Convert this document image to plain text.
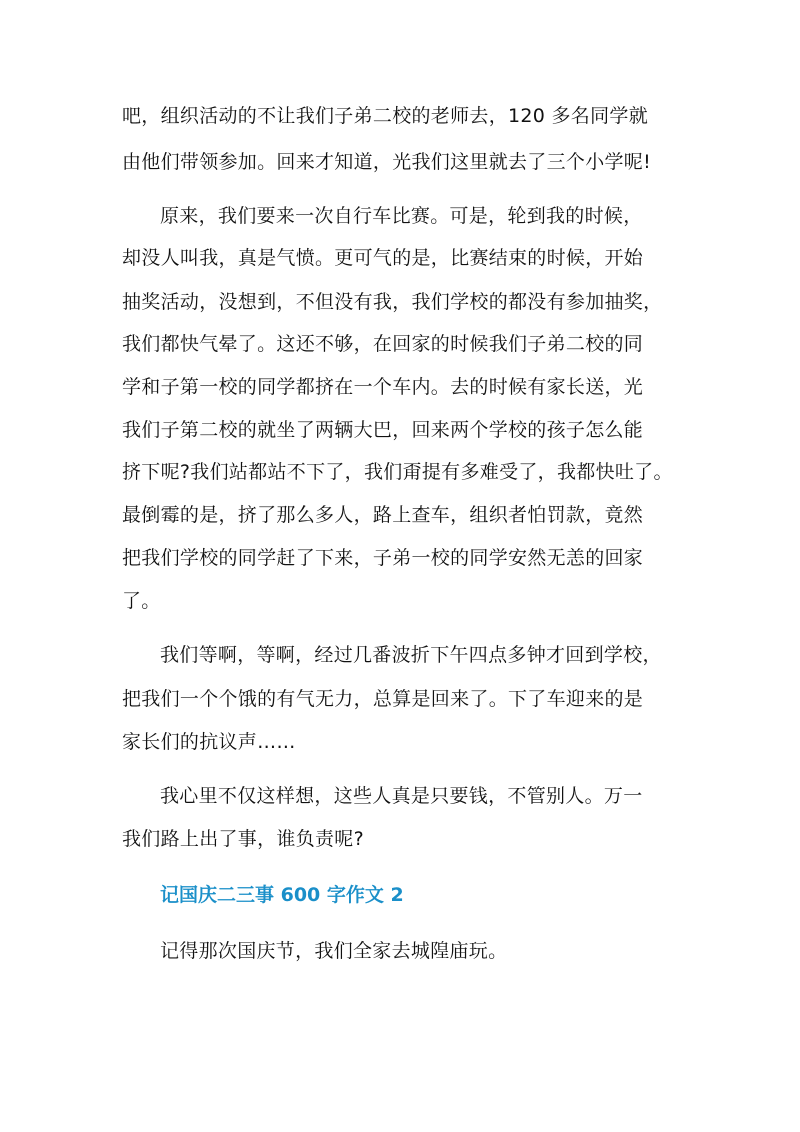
吧，组织活动的不让我们子弟二校的老师去，120 多名同学就
由他们带领参加。回来才知道，光我们这里就去了三个小学呢!
原来，我们要来一次自行车比赛。可是，轮到我的时候，
却没人叫我，真是气愤。更可气的是，比赛结束的时候，开始
抽奖活动，没想到，不但没有我，我们学校的都没有参加抽奖，
我们都快气晕了。这还不够，在回家的时候我们子弟二校的同
学和子第一校的同学都挤在一个车内。去的时候有家长送，光
我们子第二校的就坐了两辆大巴，回来两个学校的孩子怎么能
挤下呢?我们站都站不下了，我们甭提有多难受了，我都快吐了。
最倒霉的是，挤了那么多人，路上查车，组织者怕罚款，竟然
把我们学校的同学赶了下来，子弟一校的同学安然无恙的回家
了。
我们等啊，等啊，经过几番波折下午四点多钟才回到学校，
把我们一个个饿的有气无力，总算是回来了。下了车迎来的是
家长们的抗议声……
我心里不仅这样想，这些人真是只要钱，不管别人。万一
我们路上出了事，谁负责呢?
记国庆二三事 600 字作文 2
记得那次国庆节，我们全家去城隍庙玩。
